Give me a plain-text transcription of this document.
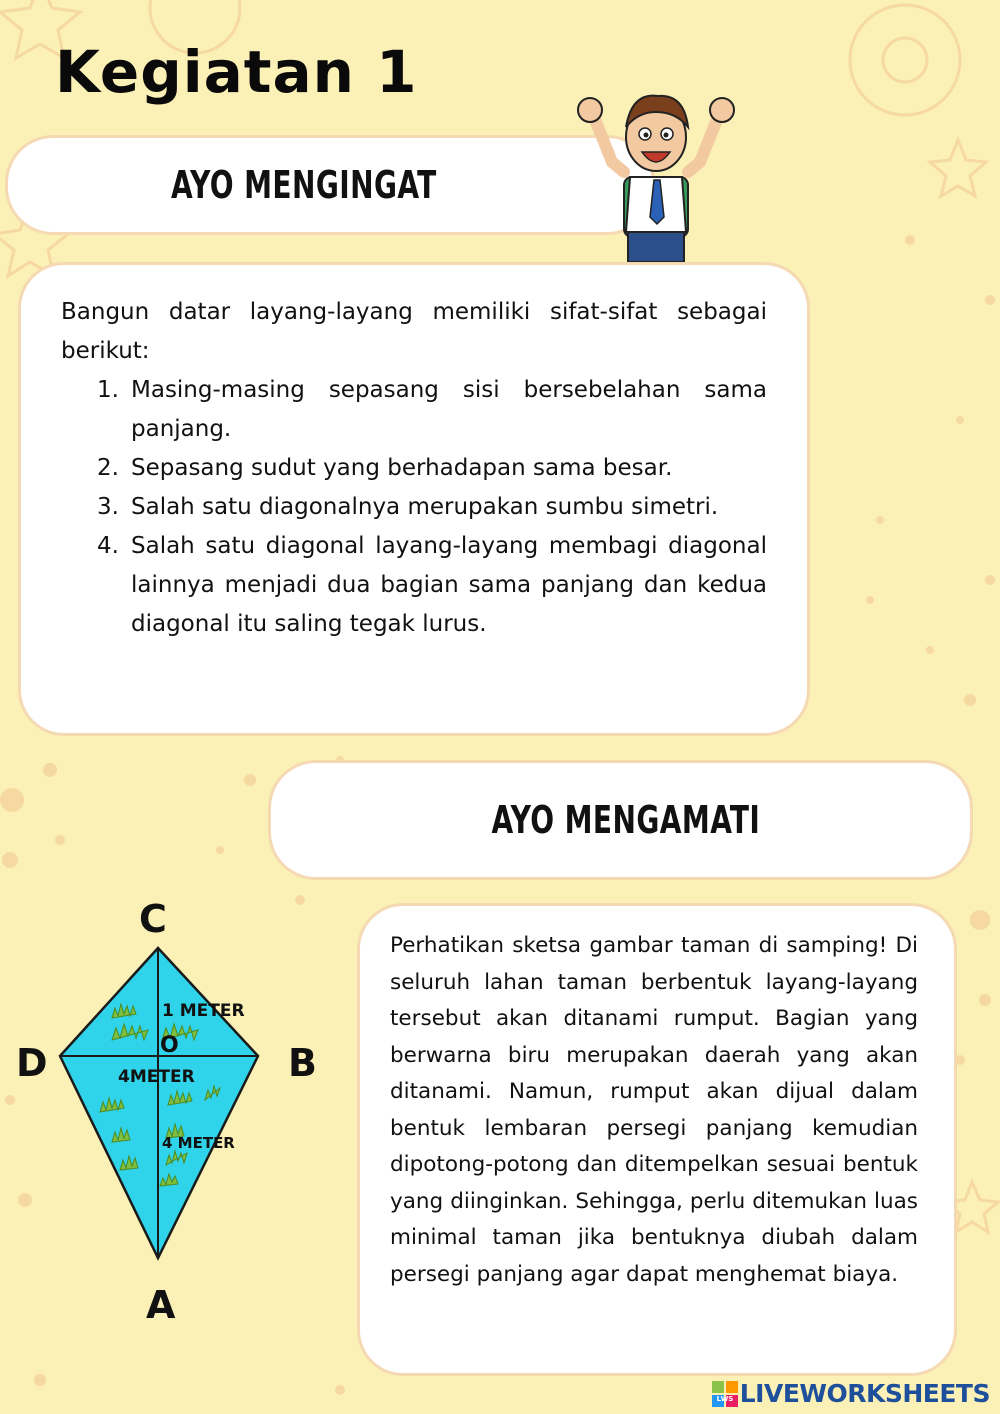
Kegiatan 1
AYO MENGINGAT

Bangun datar layang-layang memiliki sifat-sifat sebagai berikut:

1. Masing-masing sepasang sisi bersebelahan sama panjang.
2. Sepasang sudut yang berhadapan sama besar.
3. Salah satu diagonalnya merupakan sumbu simetri.
4. Salah satu diagonal layang-layang membagi diagonal lainnya menjadi dua bagian sama panjang dan kedua diagonal itu saling tegak lurus.
AYO MENGAMATI
C
B
A
D	O
1 METER
4METER
4 METER

Perhatikan sketsa gambar taman di samping! Di seluruh lahan taman berbentuk layang-layang tersebut akan ditanami rumput. Bagian yang berwarna biru merupakan daerah yang akan ditanami. Namun, rumput akan dijual dalam bentuk lembaran persegi panjang kemudian dipotong-potong dan ditempelkan sesuai bentuk yang diinginkan. Sehingga, perlu ditemukan luas minimal taman jika bentuknya diubah dalam persegi panjang agar dapat menghemat biaya.

LWS LIVEWORKSHEETS
